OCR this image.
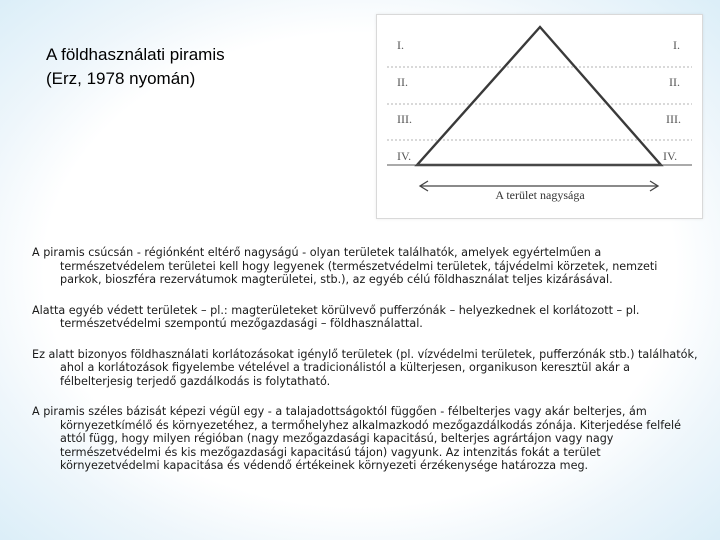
A földhasználati piramis
(Erz, 1978 nyomán)
I.
II.
III.
IV.
I.
II.
III.
IV.
A terület nagysága

A piramis csúcsán - régiónként eltérő nagyságú - olyan területek találhatók, amelyek egyértelműen a természetvédelem területei kell hogy legyenek (természetvédelmi területek, tájvédelmi körzetek, nemzeti parkok, bioszféra rezervátumok magterületei, stb.), az egyéb célú földhasználat teljes kizárásával.

Alatta egyéb védett területek – pl.: magterületeket körülvevő pufferzónák – helyezkednek el korlátozott – pl. természetvédelmi szempontú mezőgazdasági – földhasználattal.

Ez alatt bizonyos földhasználati korlátozásokat igénylő területek (pl. vízvédelmi területek, pufferzónák stb.) találhatók, ahol a korlátozások figyelembe vételével a tradicionálistól a külterjesen, organikuson keresztül akár a félbelterjesig terjedő gazdálkodás is folytatható.

A piramis széles bázisát képezi végül egy - a talajadottságoktól függően - félbelterjes vagy akár belterjes, ám környezetkímélő és környezetéhez, a termőhelyhez alkalmazkodó mezőgazdálkodás zónája. Kiterjedése felfelé attól függ, hogy milyen régióban (nagy mezőgazdasági kapacitású, belterjes agrártájon vagy nagy természetvédelmi és kis mezőgazdasági kapacitású tájon) vagyunk. Az intenzitás fokát a terület környezetvédelmi kapacitása és védendő értékeinek környezeti érzékenysége határozza meg.
